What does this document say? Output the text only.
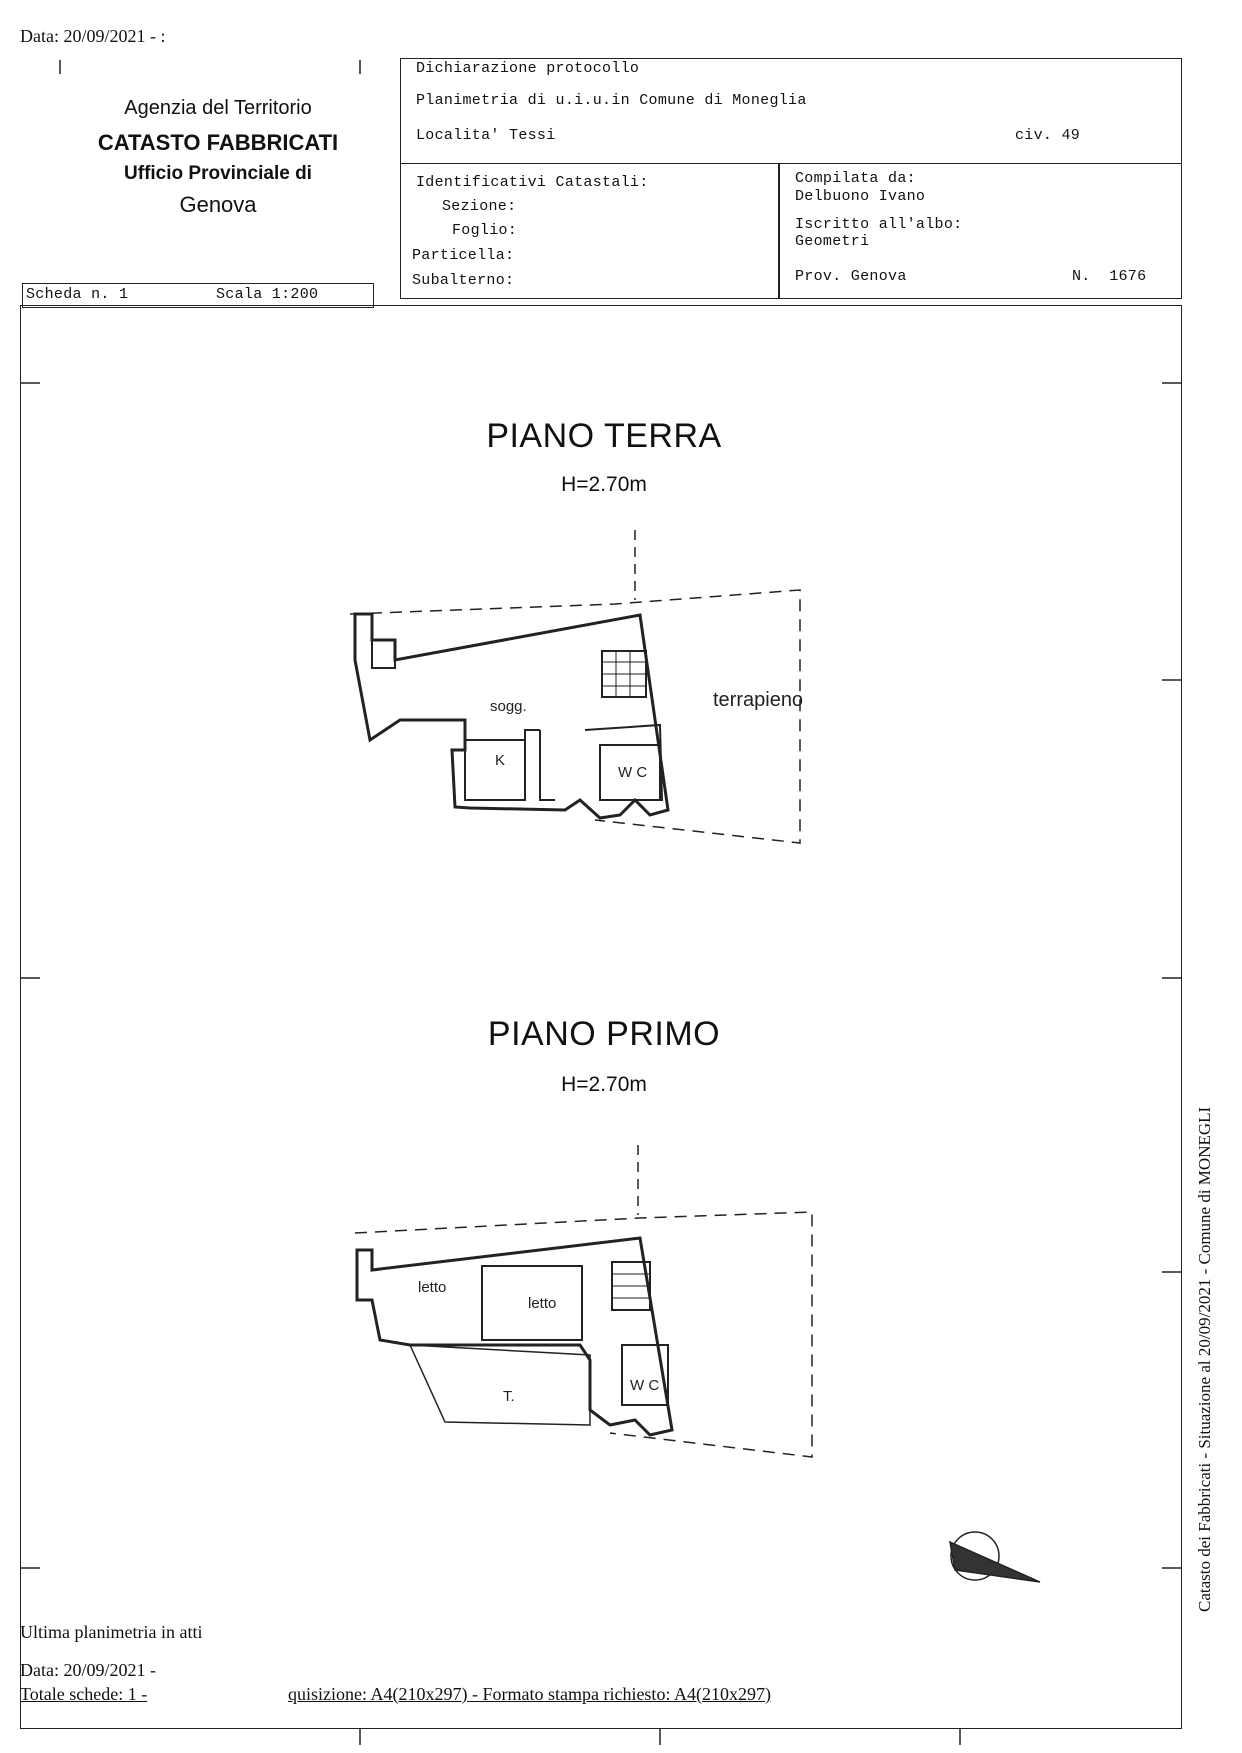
Data: 20/09/2021 - :
Agenzia del Territorio
CATASTO FABBRICATI
Ufficio Provinciale di
Genova
Dichiarazione protocollo
Planimetria di u.i.u.in Comune di Moneglia
Localita' Tessi	civ. 49
Identificativi Catastali:
Sezione:
Foglio:
Particella:
Subalterno:
Compilata da:
Delbuono Ivano
Iscritto all'albo:
Geometri
Prov. Genova	N.  1676
Scheda n. 1	Scala 1:200
PIANO TERRA
H=2.70m
PIANO PRIMO
H=2.70m
sogg.
K
W C
terrapieno
letto
letto
T.
W C
Ultima planimetria in atti
Data: 20/09/2021 -
Totale schede: 1 -	quisizione: A4(210x297) - Formato stampa richiesto: A4(210x297)
Catasto dei Fabbricati - Situazione al 20/09/2021 - Comune di MONEGLI
